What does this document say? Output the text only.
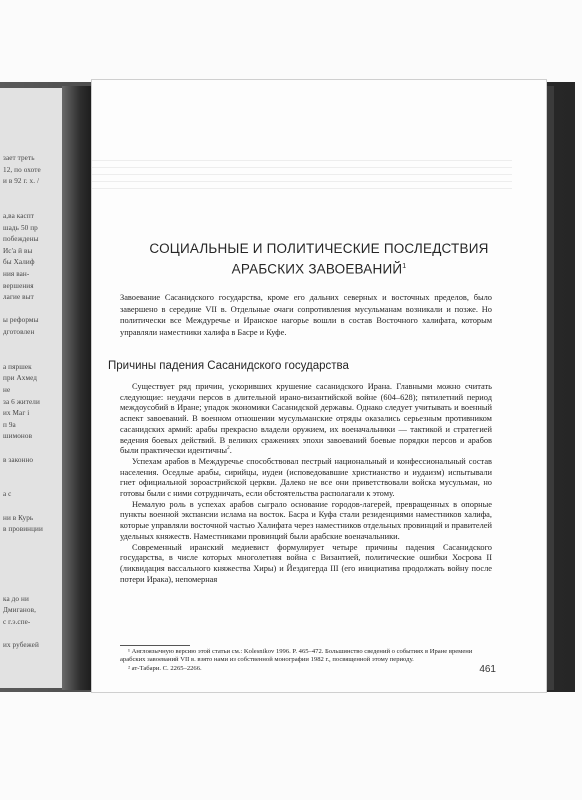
зает треть
12, по охоте
и в 92 г. х. /
а,ва каспт
шадь 50 пр
побеждены
Ис'а й вы
бы Халиф
ния ван-
вершения
лагие выт
ы реформы
дготовлен
а пяршек
при Ахмед
не
за 6 жители
их Маг і
п 9а
шимонов
в законно
а с
ни в Курь
в провинции
ка до ни
Дмиганов,
с г.э.спе-
их рубежей
СОЦИАЛЬНЫЕ И ПОЛИТИЧЕСКИЕ ПОСЛЕДСТВИЯ
АРАБСКИХ ЗАВОЕВАНИЙ$^1$

Завоевание Сасанидского государства, кроме его дальних северных и восточных пределов, было завершено в середине VII в. Отдельные очаги сопротивления мусульманам возникали и позже. Но политически все Междуречье и Иранское нагорье вошли в состав Восточного халифата, которым управляли наместники халифа в Басре и Куфе.

Причины падения Сасанидского государства

Существует ряд причин, ускоривших крушение сасанидского Ирана. Главными можно считать следующие: неудачи персов в длительной ирано-византийской войне (604–628); пятилетний период междоусобий в Иране; упадок экономики Сасанидской державы. Однако следует учитывать и военный аспект завоеваний. В военном отношении мусульманские отряды оказались серьезным противником сасанидских армий: арабы прекрасно владели оружием, их военачальники — тактикой и стратегией ведения боевых действий. В великих сражениях эпохи завоеваний боевые порядки персов и арабов были практически идентичны$^2$.

Успехам арабов в Междуречье способствовал пестрый национальный и конфессиональный состав населения. Оседлые арабы, сирийцы, иудеи (исповедовавшие христианство и иудаизм) испытывали гнет официальной зороастрийской церкви. Далеко не все они приветствовали войска мусульман, но готовы были с ними сотрудничать, если обстоятельства располагали к этому.

Немалую роль в успехах арабов сыграло основание городов-лагерей, превращенных в опорные пункты военной экспансии ислама на восток. Басра и Куфа стали резиденциями наместников халифа, которые управляли восточной частью Халифата через наместников отдельных провинций и правителей удельных княжеств. Наместниками провинций были арабские военачальники.

Современный иранский медиевист формулирует четыре причины падения Сасанидского государства, в числе которых многолетняя война с Византией, политические ошибки Хосрова II (ликвидация вассального княжества Хиры) и Йездигерда III (его инициатива продолжать войну после потери Ирака), непомерная

¹ Англоязычную версию этой статьи см.: Kolesnikov 1996. P. 465–472. Большинство сведений о событиях в Иране времени арабских завоеваний VII в. взято нами из собственной монографии 1982 г., посвященной этому периоду.

² ат-Табари. С. 2265–2266.	461
